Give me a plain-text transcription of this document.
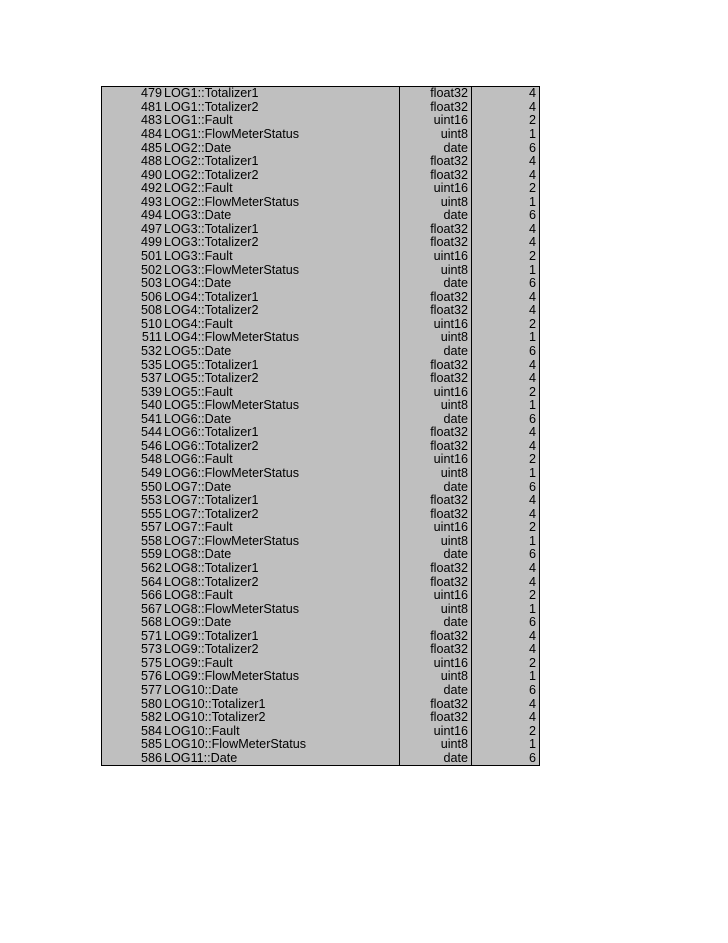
479	LOG1::Totalizer1	float32	4
481	LOG1::Totalizer2	float32	4
483	LOG1::Fault	uint16	2
484	LOG1::FlowMeterStatus	uint8	1
485	LOG2::Date	date	6
488	LOG2::Totalizer1	float32	4
490	LOG2::Totalizer2	float32	4
492	LOG2::Fault	uint16	2
493	LOG2::FlowMeterStatus	uint8	1
494	LOG3::Date	date	6
497	LOG3::Totalizer1	float32	4
499	LOG3::Totalizer2	float32	4
501	LOG3::Fault	uint16	2
502	LOG3::FlowMeterStatus	uint8	1
503	LOG4::Date	date	6
506	LOG4::Totalizer1	float32	4
508	LOG4::Totalizer2	float32	4
510	LOG4::Fault	uint16	2
511	LOG4::FlowMeterStatus	uint8	1
532	LOG5::Date	date	6
535	LOG5::Totalizer1	float32	4
537	LOG5::Totalizer2	float32	4
539	LOG5::Fault	uint16	2
540	LOG5::FlowMeterStatus	uint8	1
541	LOG6::Date	date	6
544	LOG6::Totalizer1	float32	4
546	LOG6::Totalizer2	float32	4
548	LOG6::Fault	uint16	2
549	LOG6::FlowMeterStatus	uint8	1
550	LOG7::Date	date	6
553	LOG7::Totalizer1	float32	4
555	LOG7::Totalizer2	float32	4
557	LOG7::Fault	uint16	2
558	LOG7::FlowMeterStatus	uint8	1
559	LOG8::Date	date	6
562	LOG8::Totalizer1	float32	4
564	LOG8::Totalizer2	float32	4
566	LOG8::Fault	uint16	2
567	LOG8::FlowMeterStatus	uint8	1
568	LOG9::Date	date	6
571	LOG9::Totalizer1	float32	4
573	LOG9::Totalizer2	float32	4
575	LOG9::Fault	uint16	2
576	LOG9::FlowMeterStatus	uint8	1
577	LOG10::Date	date	6
580	LOG10::Totalizer1	float32	4
582	LOG10::Totalizer2	float32	4
584	LOG10::Fault	uint16	2
585	LOG10::FlowMeterStatus	uint8	1
586	LOG11::Date	date	6
